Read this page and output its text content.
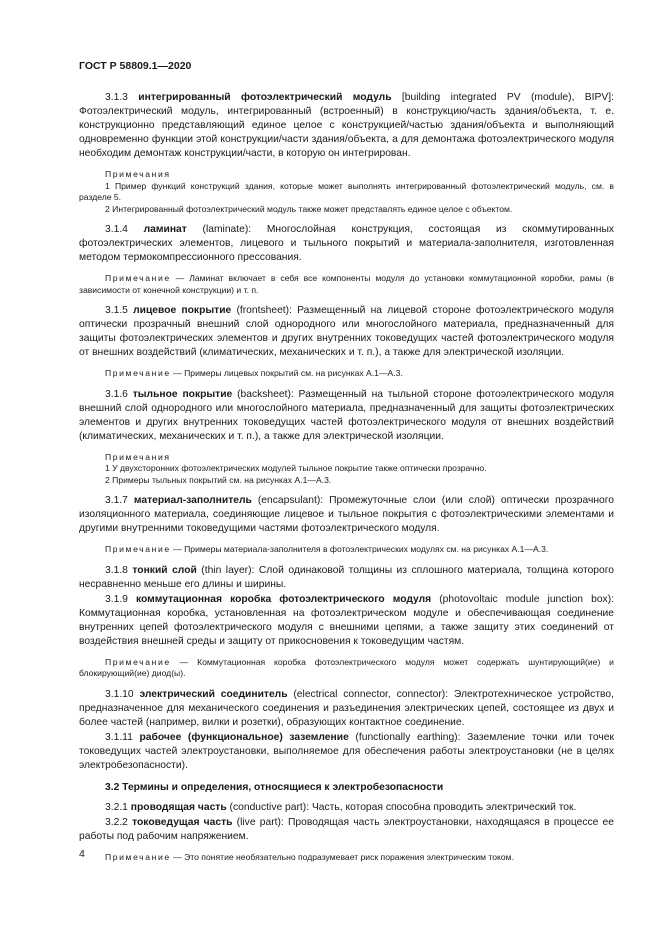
ГОСТ Р 58809.1—2020

3.1.3 интегрированный фотоэлектрический модуль [building integrated PV (module), BIPV]: Фотоэлектрический модуль, интегрированный (встроенный) в конструкцию/часть здания/объекта, т. е. конструкционно представляющий единое целое с конструкцией/частью здания/объекта и выполняющий одновременно функции этой конструкции/части здания/объекта, а для демонтажа фотоэлектрического модуля необходим демонтаж конструкции/части, в которую он интегрирован.

Примечания

1 Пример функций конструкций здания, которые может выполнять интегрированный фотоэлектрический модуль, см. в разделе 5.

2 Интегрированный фотоэлектрический модуль также может представлять единое целое с объектом.

3.1.4 ламинат (laminate): Многослойная конструкция, состоящая из скоммутированных фотоэлектрических элементов, лицевого и тыльного покрытий и материала-заполнителя, изготовленная методом термокомпрессионного прессования.

Примечание — Ламинат включает в себя все компоненты модуля до установки коммутационной коробки, рамы (в зависимости от конечной конструкции) и т. п.

3.1.5 лицевое покрытие (frontsheet): Размещенный на лицевой стороне фотоэлектрического модуля оптически прозрачный внешний слой однородного или многослойного материала, предназначенный для защиты фотоэлектрических элементов и других внутренних токоведущих частей фотоэлектрического модуля от внешних воздействий (климатических, механических и т. п.), а также для электрической изоляции.

Примечание — Примеры лицевых покрытий см. на рисунках А.1—А.3.

3.1.6 тыльное покрытие (backsheet): Размещенный на тыльной стороне фотоэлектрического модуля внешний слой однородного или многослойного материала, предназначенный для защиты фотоэлектрических элементов и других внутренних токоведущих частей фотоэлектрического модуля от внешних воздействий (климатических, механических и т. п.), а также для электрической изоляции.

Примечания

1 У двухсторонних фотоэлектрических модулей тыльное покрытие также оптически прозрачно.

2 Примеры тыльных покрытий см. на рисунках А.1—А.3.

3.1.7 материал-заполнитель (encapsulant): Промежуточные слои (или слой) оптически прозрачного изоляционного материала, соединяющие лицевое и тыльное покрытия с фотоэлектрическими элементами и другими внутренними токоведущими частями фотоэлектрического модуля.

Примечание — Примеры материала-заполнителя в фотоэлектрических модулях см. на рисунках А.1—А.3.

3.1.8 тонкий слой (thin layer): Слой одинаковой толщины из сплошного материала, толщина которого несравненно меньше его длины и ширины.

3.1.9 коммутационная коробка фотоэлектрического модуля (photovoltaic module junction box): Коммутационная коробка, установленная на фотоэлектрическом модуле и обеспечивающая соединение внутренних цепей фотоэлектрического модуля с внешними цепями, а также защиту этих соединений от воздействия внешней среды и защиту от прикосновения к токоведущим частям.

Примечание — Коммутационная коробка фотоэлектрического модуля может содержать шунтирующий(ие) и блокирующий(ие) диод(ы).

3.1.10 электрический соединитель (electrical connector, connector): Электротехническое устройство, предназначенное для механического соединения и разъединения электрических цепей, состоящее из двух и более частей (например, вилки и розетки), образующих контактное соединение.

3.1.11 рабочее (функциональное) заземление (functionally earthing): Заземление точки или точек токоведущих частей электроустановки, выполняемое для обеспечения работы электроустановки (не в целях электробезопасности).

3.2 Термины и определения, относящиеся к электробезопасности

3.2.1 проводящая часть (conductive part): Часть, которая способна проводить электрический ток.

3.2.2 токоведущая часть (live part): Проводящая часть электроустановки, находящаяся в процессе ее работы под рабочим напряжением.

Примечание — Это понятие необязательно подразумевает риск поражения электрическим током.

4
